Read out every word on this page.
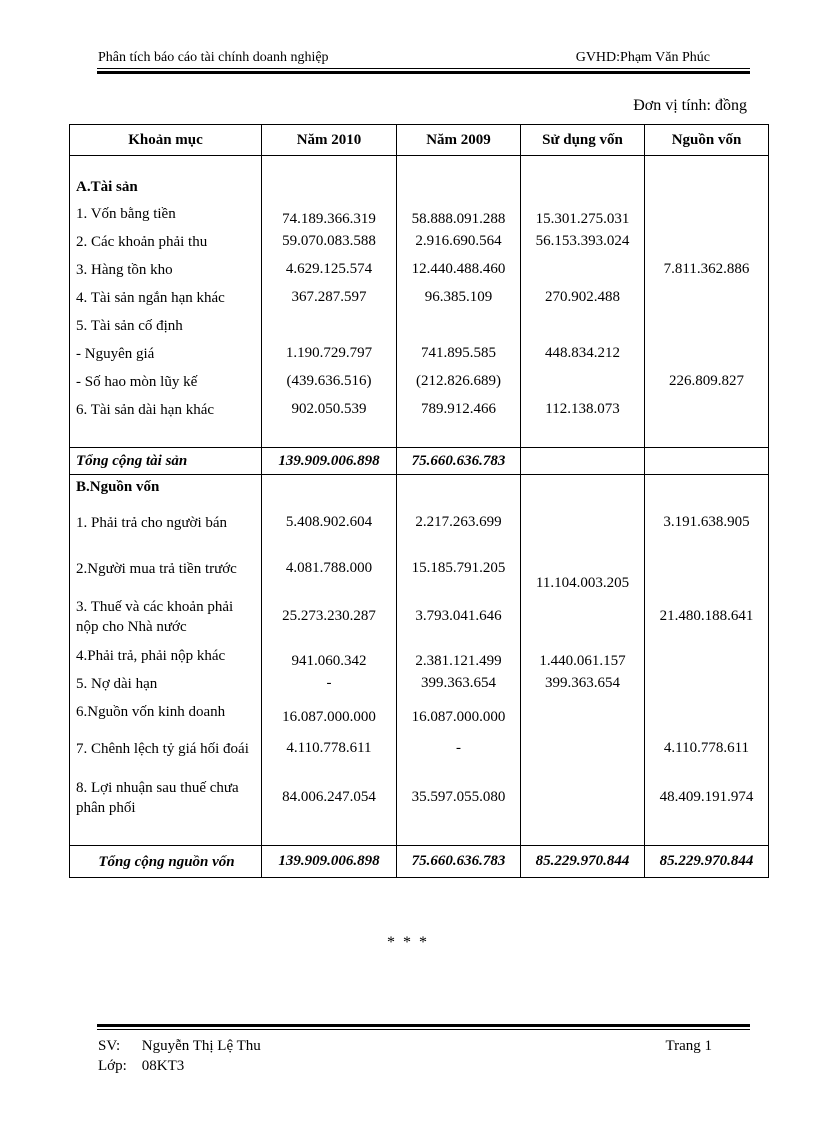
Phân tích báo cáo tài chính doanh nghiệp	GVHD:Phạm Văn Phúc
Đơn vị tính: đồng
Khoản mục	Năm 2010	Năm 2009	Sử dụng vốn	Nguồn vốn

A.Tài sản				
1. Vốn bằng tiền	74.189.366.319	58.888.091.288	15.301.275.031	
2. Các khoản phải thu	59.070.083.588	2.916.690.564	56.153.393.024	
3. Hàng tồn kho	4.629.125.574	12.440.488.460		7.811.362.886
4. Tài sản ngắn hạn khác	367.287.597	96.385.109	270.902.488	
5. Tài sản cố định				
- Nguyên giá	1.190.729.797	741.895.585	448.834.212	
- Số hao mòn lũy kế	(439.636.516)	(212.826.689)		226.809.827
6. Tài sản dài hạn khác	902.050.539	789.912.466	112.138.073	

Tổng cộng tài sản	139.909.006.898	75.660.636.783		
B.Nguồn vốn				
1. Phải trả cho người bán	5.408.902.604	2.217.263.699		3.191.638.905
2.Người mua trả tiền trước	4.081.788.000	15.185.791.205	11.104.003.205	
3. Thuế và các khoản phải nộp cho Nhà nước	25.273.230.287	3.793.041.646		21.480.188.641
4.Phải trả, phải nộp khác	941.060.342	2.381.121.499	1.440.061.157	
5. Nợ dài hạn	-	399.363.654	399.363.654	
6.Nguồn vốn kinh doanh	16.087.000.000	16.087.000.000		
7. Chênh lệch tỷ giá hối đoái	4.110.778.611	-		4.110.778.611
8. Lợi nhuận sau thuế chưa phân phối	84.006.247.054	35.597.055.080		48.409.191.974

Tổng cộng nguồn vốn	139.909.006.898	75.660.636.783	85.229.970.844	85.229.970.844
* * *
SV: Nguyễn Thị Lệ Thu	Trang 1
Lớp: 08KT3
